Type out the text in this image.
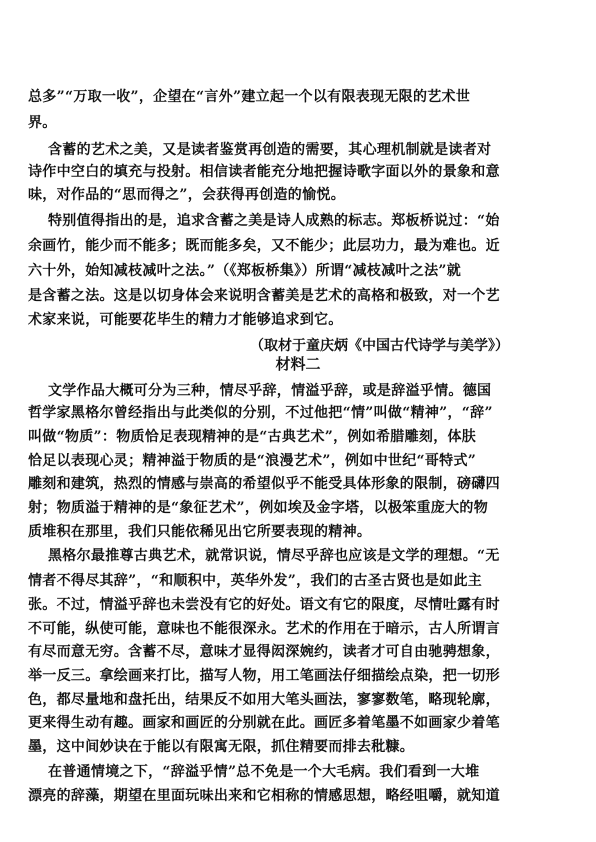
总多”“万取一收”，企望在“言外”建立起一个以有限表现无限的艺术世
界。
含蓄的艺术之美，又是读者鉴赏再创造的需要，其心理机制就是读者对
诗作中空白的填充与投射。相信读者能充分地把握诗歌字面以外的景象和意
味，对作品的“思而得之”，会获得再创造的愉悦。
特别值得指出的是，追求含蓄之美是诗人成熟的标志。郑板桥说过：“始
余画竹，能少而不能多；既而能多矣，又不能少；此层功力，最为难也。近
六十外，始知减枝减叶之法。”（《郑板桥集》）所谓“减枝减叶之法”就
是含蓄之法。这是以切身体会来说明含蓄美是艺术的高格和极致，对一个艺
术家来说，可能要花毕生的精力才能够追求到它。
（取材于童庆炳《中国古代诗学与美学》）
材料二
文学作品大概可分为三种，情尽乎辞，情溢乎辞，或是辞溢乎情。德国
哲学家黑格尔曾经指出与此类似的分别，不过他把“情”叫做“精神”，“辞”
叫做“物质”：物质恰足表现精神的是“古典艺术”，例如希腊雕刻，体肤
恰足以表现心灵；精神溢于物质的是“浪漫艺术”，例如中世纪“哥特式”
雕刻和建筑，热烈的情感与崇高的希望似乎不能受具体形象的限制，磅礴四
射；物质溢于精神的是“象征艺术”，例如埃及金字塔，以极笨重庞大的物
质堆积在那里，我们只能依稀见出它所要表现的精神。
黑格尔最推尊古典艺术，就常识说，情尽乎辞也应该是文学的理想。“无
情者不得尽其辞”，“和顺积中，英华外发”，我们的古圣古贤也是如此主
张。不过，情溢乎辞也未尝没有它的好处。语文有它的限度，尽情吐露有时
不可能，纵使可能，意味也不能很深永。艺术的作用在于暗示，古人所谓言
有尽而意无穷。含蓄不尽，意味才显得闳深婉约，读者才可自由驰骋想象，
举一反三。拿绘画来打比，描写人物，用工笔画法仔细描绘点染，把一切形
色，都尽量地和盘托出，结果反不如用大笔头画法，寥寥数笔，略现轮廓，
更来得生动有趣。画家和画匠的分别就在此。画匠多着笔墨不如画家少着笔
墨，这中间妙诀在于能以有限寓无限，抓住精要而排去秕糠。
在普通情境之下，“辞溢乎情”总不免是一个大毛病。我们看到一大堆
漂亮的辞藻，期望在里面玩味出来和它相称的情感思想，略经咀嚼，就知道
